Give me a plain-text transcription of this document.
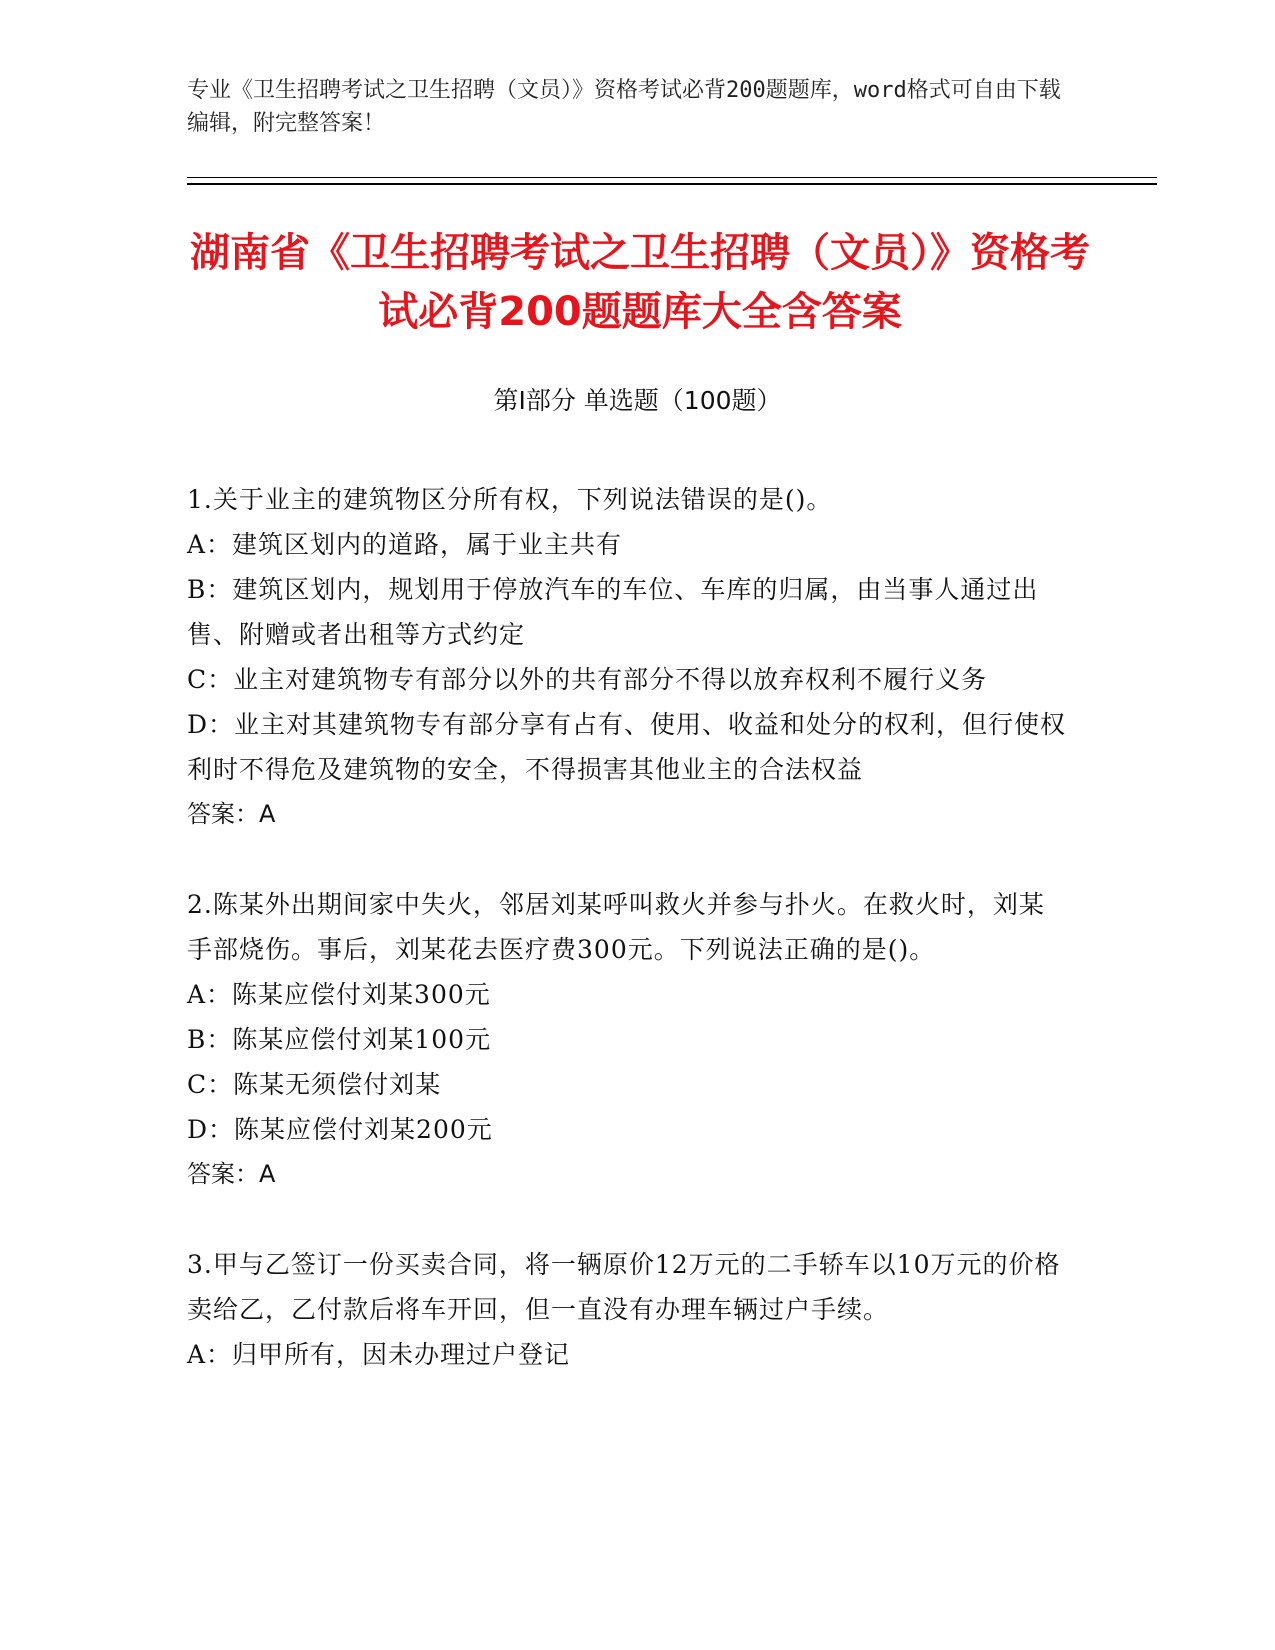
专业《卫生招聘考试之卫生招聘（文员）》资格考试必背200题题库，word格式可自由下载编辑，附完整答案！
湖南省《卫生招聘考试之卫生招聘（文员）》资格考试必背200题题库大全含答案
第Ⅰ部分 单选题（100题）

1.关于业主的建筑物区分所有权，下列说法错误的是()。

A：建筑区划内的道路，属于业主共有

B：建筑区划内，规划用于停放汽车的车位、车库的归属，由当事人通过出售、附赠或者出租等方式约定

C：业主对建筑物专有部分以外的共有部分不得以放弃权利不履行义务

D：业主对其建筑物专有部分享有占有、使用、收益和处分的权利，但行使权利时不得危及建筑物的安全，不得损害其他业主的合法权益

答案：A

2.陈某外出期间家中失火，邻居刘某呼叫救火并参与扑火。在救火时，刘某手部烧伤。事后，刘某花去医疗费300元。下列说法正确的是()。

A：陈某应偿付刘某300元

B：陈某应偿付刘某100元

C：陈某无须偿付刘某

D：陈某应偿付刘某200元

答案：A

3.甲与乙签订一份买卖合同，将一辆原价12万元的二手轿车以10万元的价格卖给乙，乙付款后将车开回，但一直没有办理车辆过户手续。

A：归甲所有，因未办理过户登记
